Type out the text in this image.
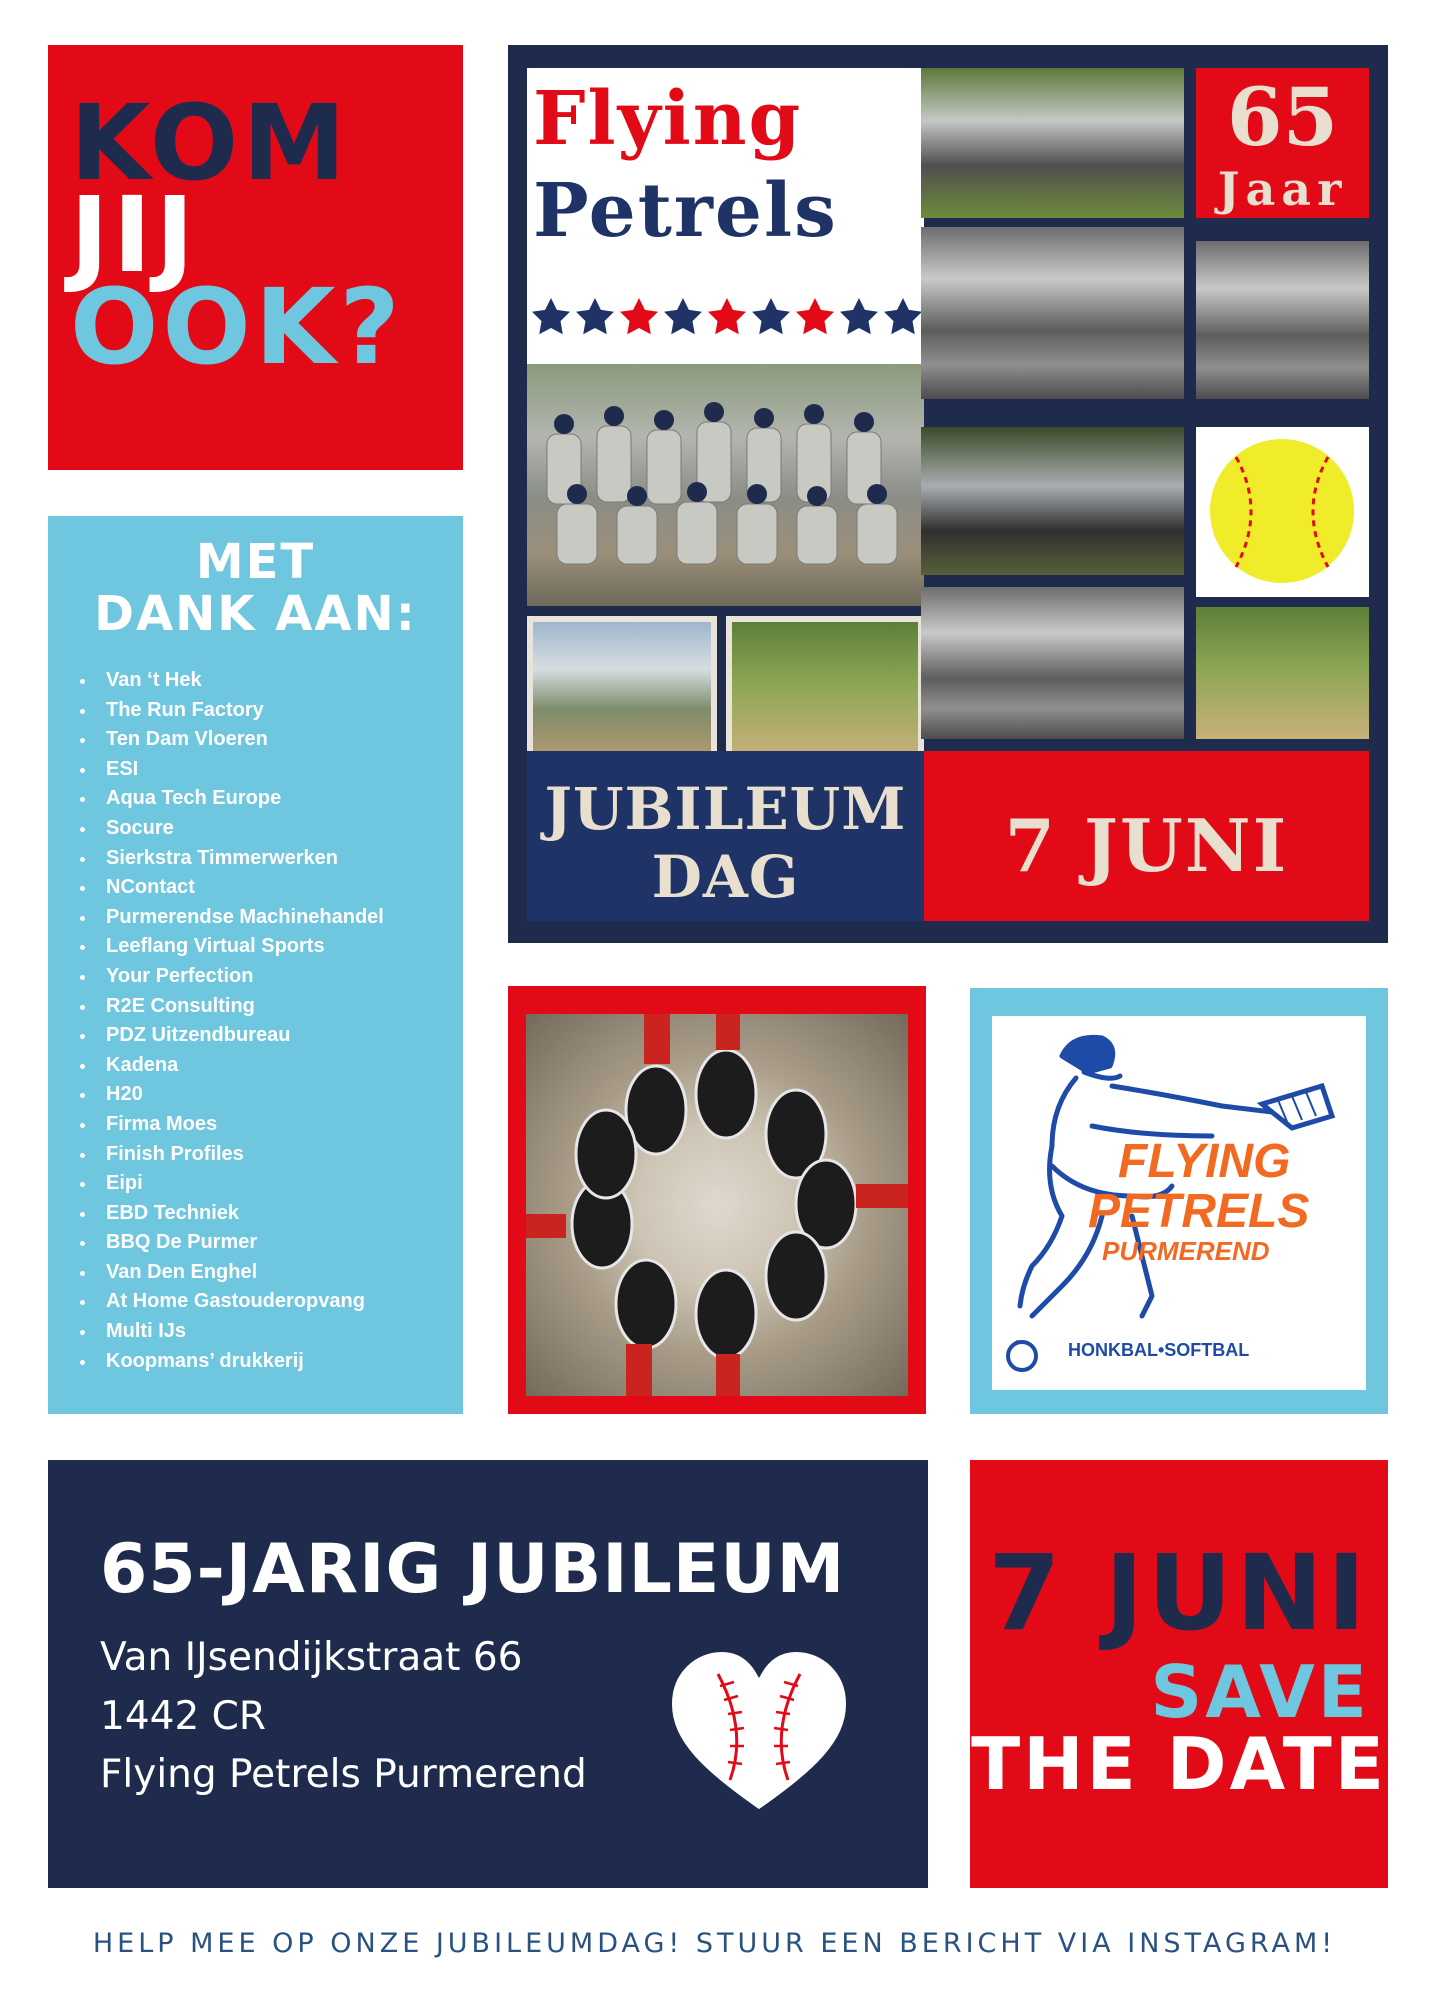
KOM
JIJ
OOK?
MET
DANK AAN:
Van ‘t Hek
The Run Factory
Ten Dam Vloeren
ESI
Aqua Tech Europe
Socure
Sierkstra Timmerwerken
NContact
Purmerendse Machinehandel
Leeflang Virtual Sports
Your Perfection
R2E Consulting
PDZ Uitzendbureau
Kadena
H20
Firma Moes
Finish Profiles
Eipi
EBD Techniek
BBQ De Purmer
Van Den Enghel
At Home Gastouderopvang
Multi IJs
Koopmans’ drukkerij
Flying
Petrels
65
Jaar
JUBILEUM
DAG	7 JUNI
FLYING
PETRELS
PURMEREND
HONKBAL•SOFTBAL
65-JARIG JUBILEUM
Van IJsendijkstraat 66
1442 CR
Flying Petrels Purmerend
7 JUNI
SAVE
THE DATE
HELP MEE OP ONZE JUBILEUMDAG! STUUR EEN BERICHT VIA INSTAGRAM!
